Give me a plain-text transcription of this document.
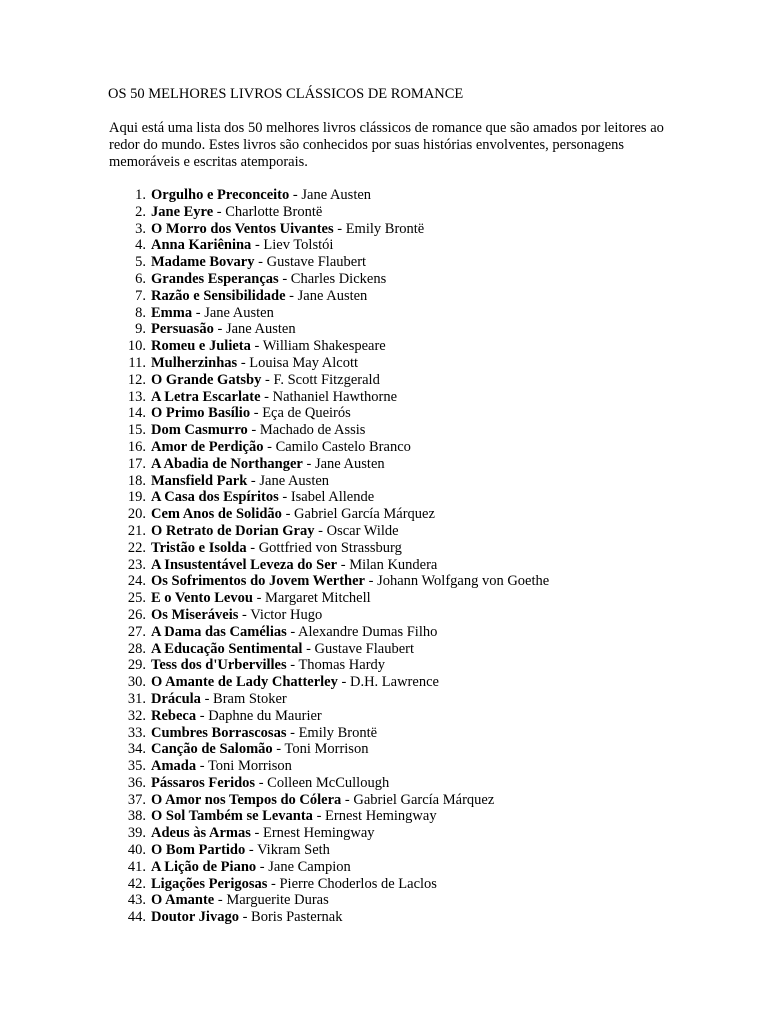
OS 50 MELHORES LIVROS CLÁSSICOS DE ROMANCE

Aqui está uma lista dos 50 melhores livros clássicos de romance que são amados por leitores ao redor do mundo. Estes livros são conhecidos por suas histórias envolventes, personagens memoráveis e escritas atemporais.

1. Orgulho e Preconceito - Jane Austen
2. Jane Eyre - Charlotte Brontë
3. O Morro dos Ventos Uivantes - Emily Brontë
4. Anna Kariênina - Liev Tolstói
5. Madame Bovary - Gustave Flaubert
6. Grandes Esperanças - Charles Dickens
7. Razão e Sensibilidade - Jane Austen
8. Emma - Jane Austen
9. Persuasão - Jane Austen
10. Romeu e Julieta - William Shakespeare
11. Mulherzinhas - Louisa May Alcott
12. O Grande Gatsby - F. Scott Fitzgerald
13. A Letra Escarlate - Nathaniel Hawthorne
14. O Primo Basílio - Eça de Queirós
15. Dom Casmurro - Machado de Assis
16. Amor de Perdição - Camilo Castelo Branco
17. A Abadia de Northanger - Jane Austen
18. Mansfield Park - Jane Austen
19. A Casa dos Espíritos - Isabel Allende
20. Cem Anos de Solidão - Gabriel García Márquez
21. O Retrato de Dorian Gray - Oscar Wilde
22. Tristão e Isolda - Gottfried von Strassburg
23. A Insustentável Leveza do Ser - Milan Kundera
24. Os Sofrimentos do Jovem Werther - Johann Wolfgang von Goethe
25. E o Vento Levou - Margaret Mitchell
26. Os Miseráveis - Victor Hugo
27. A Dama das Camélias - Alexandre Dumas Filho
28. A Educação Sentimental - Gustave Flaubert
29. Tess dos d'Urbervilles - Thomas Hardy
30. O Amante de Lady Chatterley - D.H. Lawrence
31. Drácula - Bram Stoker
32. Rebeca - Daphne du Maurier
33. Cumbres Borrascosas - Emily Brontë
34. Canção de Salomão - Toni Morrison
35. Amada - Toni Morrison
36. Pássaros Feridos - Colleen McCullough
37. O Amor nos Tempos do Cólera - Gabriel García Márquez
38. O Sol Também se Levanta - Ernest Hemingway
39. Adeus às Armas - Ernest Hemingway
40. O Bom Partido - Vikram Seth
41. A Lição de Piano - Jane Campion
42. Ligações Perigosas - Pierre Choderlos de Laclos
43. O Amante - Marguerite Duras
44. Doutor Jivago - Boris Pasternak
